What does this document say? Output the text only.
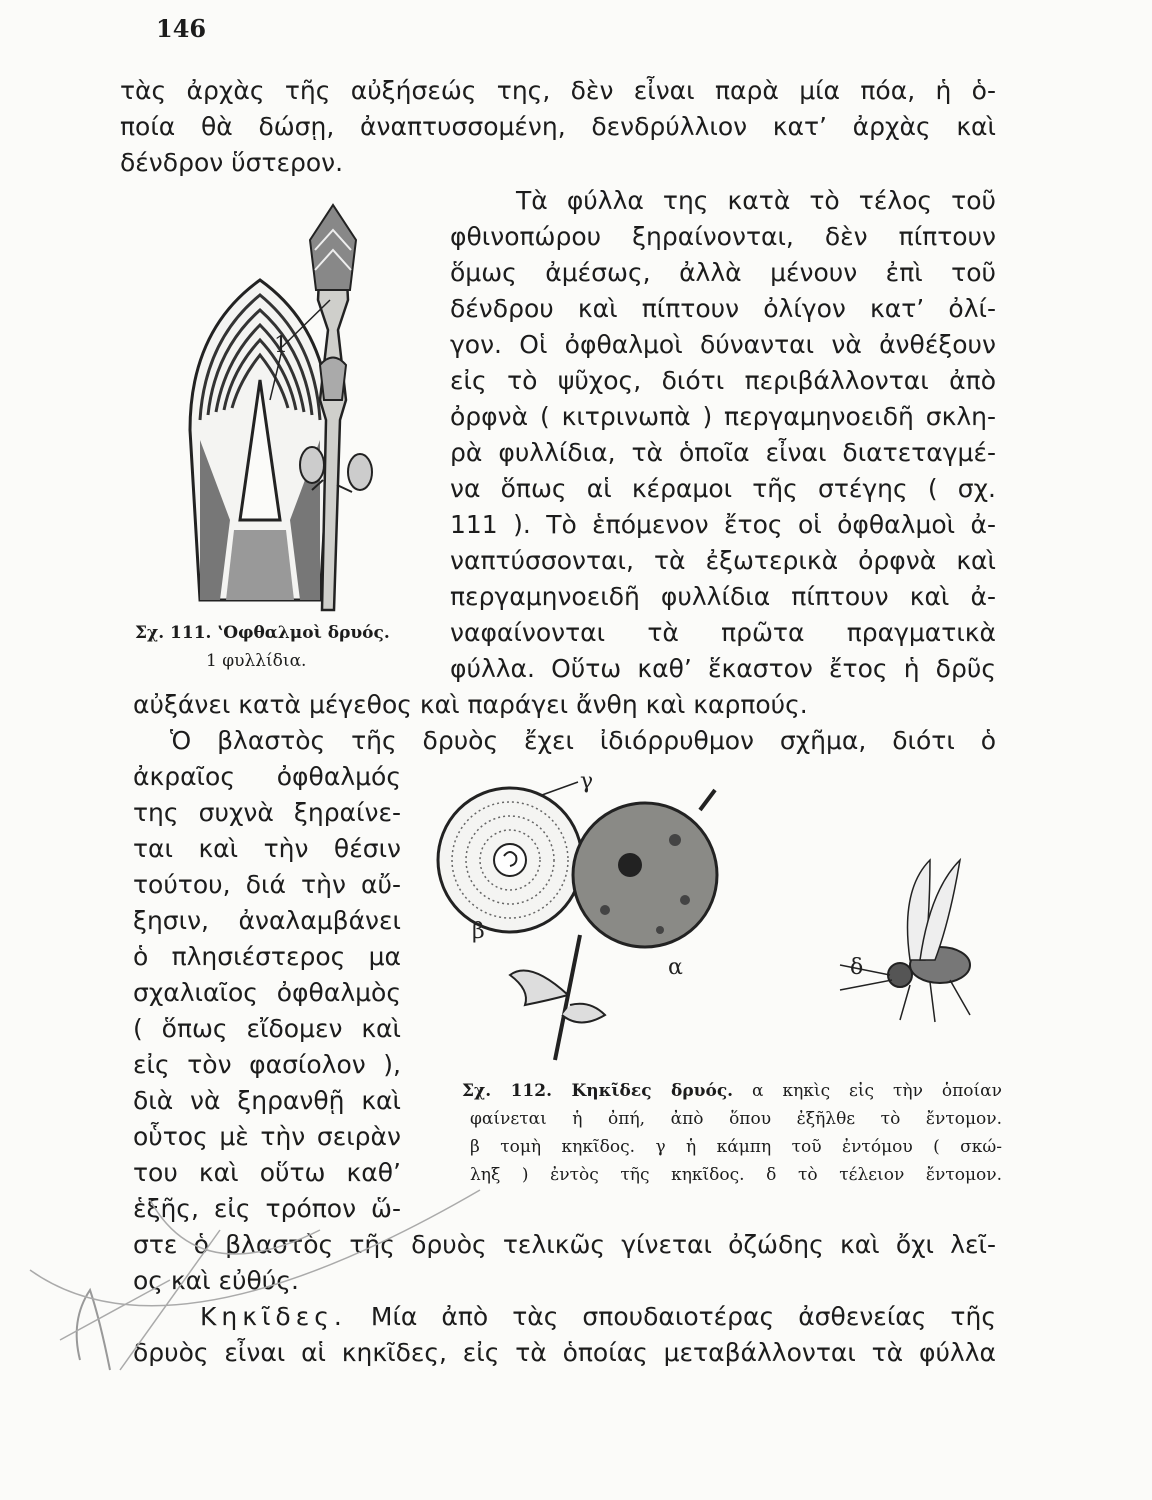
146
τὰς ἀρχὰς τῆς αὐξήσεώς της, δὲν εἶναι παρὰ μία πόα, ἡ ὁ-
ποία θὰ δώσῃ, ἀναπτυσσομένη, δενδρύλλιον κατ’ ἀρχὰς καὶ
δένδρον ὕστερον.
Τὰ φύλλα της κατὰ τὸ τέλος τοῦ
φθινοπώρου ξηραίνονται, δὲν πίπτουν
ὅμως ἀμέσως, ἀλλὰ μένουν ἐπὶ τοῦ
δένδρου καὶ πίπτουν ὀλίγον κατ’ ὀλί-
γον. Οἱ ὀφθαλμοὶ δύνανται νὰ ἀνθέξουν
εἰς τὸ ψῦχος, διότι περιβάλλονται ἀπὸ
ὀρφνὰ ( κιτρινωπὰ ) περγαμηνοειδῆ σκλη-
ρὰ φυλλίδια, τὰ ὁποῖα εἶναι διατεταγμέ-
να ὅπως αἱ κέραμοι τῆς στέγης ( σχ.
111 ). Τὸ ἑπόμενον ἔτος οἱ ὀφθαλμοὶ ἀ-
ναπτύσσονται, τὰ ἐξωτερικὰ ὀρφνὰ καὶ
περγαμηνοειδῆ φυλλίδια πίπτουν καὶ ἀ-
ναφαίνονται τὰ πρῶτα πραγματικὰ
φύλλα. Οὕτω καθ’ ἕκαστον ἔτος ἡ δρῦς
αὐξάνει κατὰ μέγεθος καὶ παράγει ἄνθη καὶ καρπούς.
1
Σχ. 111. ʽΟφθαλμοὶ δρυός.
1 φυλλίδια.
Ὁ βλαστὸς τῆς δρυὸς ἔχει ἰδιόρρυθμον σχῆμα, διότι ὁ
ἀκραῖος ὀφθαλμός
της συχνὰ ξηραίνε-
ται καὶ τὴν θέσιν
τούτου, διά τὴν αὔ-
ξησιν, ἀναλαμβάνει
ὁ πλησιέστερος μα
σχαλιαῖος ὀφθαλμὸς
( ὅπως εἴδομεν καὶ
εἰς τὸν φασίολον ),
διὰ νὰ ξηρανθῇ καὶ
οὗτος μὲ τὴν σειρὰν
του καὶ οὕτω καθ’
ἑξῆς, εἰς τρόπον ὥ-
γ
β
α	δ
Σχ. 112. Κηκῖδες δρυός. α κηκὶς εἰς τὴν ὁποίαν
φαίνεται ἡ ὀπή, ἀπὸ ὅπου ἐξῆλθε τὸ ἔντομον.
β τομὴ κηκῖδος. γ ἡ κάμπη τοῦ ἐντόμου ( σκώ-
ληξ ) ἐντὸς τῆς κηκῖδος. δ τὸ τέλειον ἔντομον.
στε ὁ βλαστὸς τῆς δρυὸς τελικῶς γίνεται ὀζώδης καὶ ὄχι λεῖ-
ος καὶ εὐθύς.
Κηκῖδες. Μία ἀπὸ τὰς σπουδαιοτέρας ἀσθενείας τῆς
δρυὸς εἶναι αἱ κηκῖδες, εἰς τὰ ὁποίας μεταβάλλονται τὰ φύλλα
